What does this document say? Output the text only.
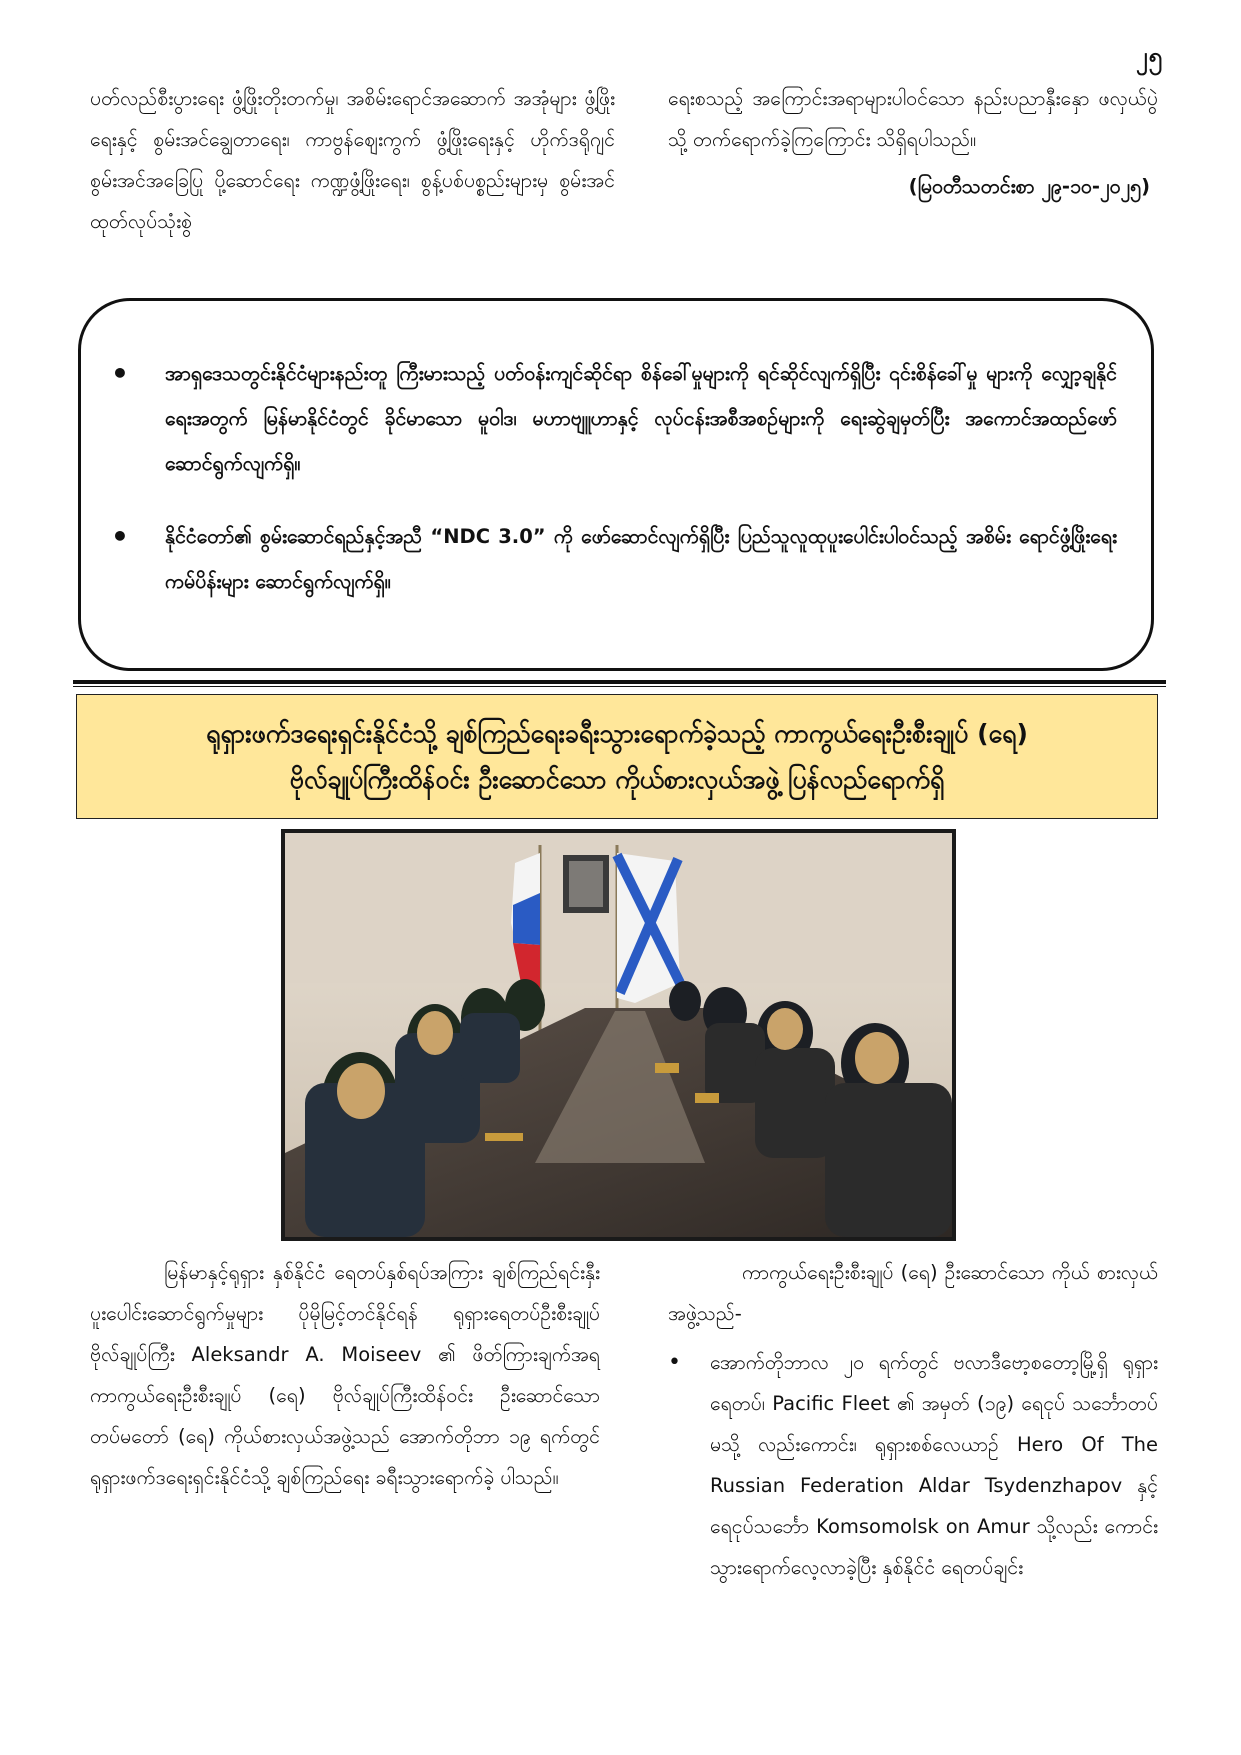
၂၅

ပတ်လည်စီးပွားရေး ဖွံ့ဖြိုးတိုးတက်မှု၊ အစိမ်းရောင်အဆောက် အအုံများ ဖွံ့ဖြိုးရေးနှင့် စွမ်းအင်ချွေတာရေး၊ ကာဗွန်ဈေးကွက် ဖွံ့ဖြိုးရေးနှင့် ဟိုက်ဒရိုဂျင်စွမ်းအင်အခြေပြု ပို့ဆောင်ရေး ကဏ္ဍဖွံ့ဖြိုးရေး၊ စွန့်ပစ်ပစ္စည်းများမှ စွမ်းအင်ထုတ်လုပ်သုံးစွဲ

ရေးစသည့် အကြောင်းအရာများပါဝင်သော နည်းပညာနှီးနှော ဖလှယ်ပွဲသို့ တက်ရောက်ခဲ့ကြကြောင်း သိရှိရပါသည်။

(မြဝတီသတင်းစာ ၂၉-၁၀-၂၀၂၅)
• အာရှဒေသတွင်းနိုင်ငံများနည်းတူ ကြီးမားသည့် ပတ်ဝန်းကျင်ဆိုင်ရာ စိန်ခေါ်မှုများကို ရင်ဆိုင်လျက်ရှိပြီး ၎င်းစိန်ခေါ်မှု များကို လျှော့ချနိုင်ရေးအတွက် မြန်မာနိုင်ငံတွင် ခိုင်မာသော မူဝါဒ၊ မဟာဗျူဟာနှင့် လုပ်ငန်းအစီအစဉ်များကို ရေးဆွဲချမှတ်ပြီး အကောင်အထည်ဖော် ဆောင်ရွက်လျက်ရှိ။
• နိုင်ငံတော်၏ စွမ်းဆောင်ရည်နှင့်အညီ “NDC 3.0” ကို ဖော်ဆောင်လျက်ရှိပြီး ပြည်သူလူထုပူးပေါင်းပါဝင်သည့် အစိမ်း ရောင်ဖွံ့ဖြိုးရေးကမ်ပိန်းများ ဆောင်ရွက်လျက်ရှိ။
ရုရှားဖက်ဒရေးရှင်းနိုင်ငံသို့ ချစ်ကြည်ရေးခရီးသွားရောက်ခဲ့သည့် ကာကွယ်ရေးဦးစီးချုပ် (ရေ)
ဗိုလ်ချုပ်ကြီးထိန်ဝင်း ဦးဆောင်သော ကိုယ်စားလှယ်အဖွဲ့ ပြန်လည်ရောက်ရှိ

မြန်မာနှင့်ရုရှား နှစ်နိုင်ငံ ရေတပ်နှစ်ရပ်အကြား ချစ်ကြည်ရင်းနှီးပူးပေါင်းဆောင်ရွက်မှုများ ပိုမိုမြင့်တင်နိုင်ရန် ရုရှားရေတပ်ဦးစီးချုပ် ဗိုလ်ချုပ်ကြီး Aleksandr A. Moiseev ၏ ဖိတ်ကြားချက်အရ ကာကွယ်ရေးဦးစီးချုပ် (ရေ) ဗိုလ်ချုပ်ကြီးထိန်ဝင်း ဦးဆောင်သော တပ်မတော် (ရေ) ကိုယ်စားလှယ်အဖွဲ့သည် အောက်တိုဘာ ၁၉ ရက်တွင် ရုရှားဖက်ဒရေးရှင်းနိုင်ငံသို့ ချစ်ကြည်ရေး ခရီးသွားရောက်ခဲ့ ပါသည်။

ကာကွယ်ရေးဦးစီးချုပ် (ရေ) ဦးဆောင်သော ကိုယ် စားလှယ်အဖွဲ့သည်-

• အောက်တိုဘာလ ၂၀ ရက်တွင် ဗလာဒီဗော့စတော့မြို့ရှိ ရုရှားရေတပ်၊ Pacific Fleet ၏ အမှတ် (၁၉) ရေငုပ် သင်္ဘောတပ်မသို့ လည်းကောင်း၊ ရုရှားစစ်လေယာဉ် Hero Of The Russian Federation Aldar Tsydenzhapov နှင့်ရေငုပ်သင်္ဘော Komsomolsk on Amur သို့လည်း ကောင်းသွားရောက်လေ့လာခဲ့ပြီး နှစ်နိုင်ငံ ရေတပ်ချင်း
